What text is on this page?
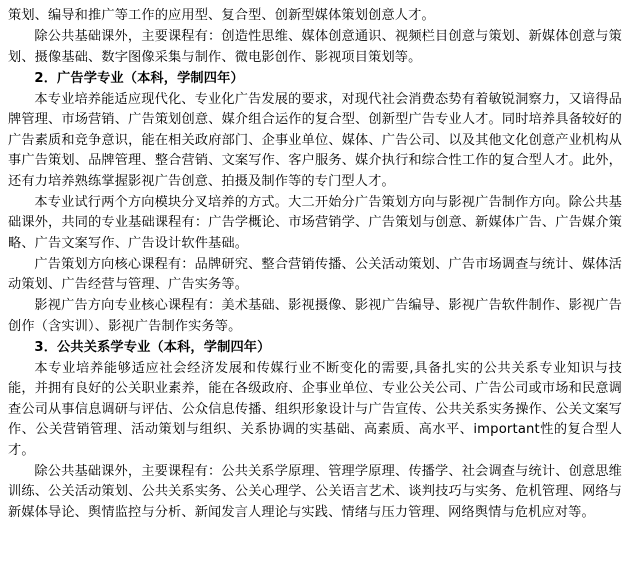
策划、编导和推广等工作的应用型、复合型、创新型媒体策划创意人才。

除公共基础课外，主要课程有：创造性思维、媒体创意通识、视频栏目创意与策划、新媒体创意与策划、摄像基础、数字图像采集与制作、微电影创作、影视项目策划等。

2．广告学专业（本科，学制四年）

本专业培养能适应现代化、专业化广告发展的要求，对现代社会消费态势有着敏锐洞察力，又谙得品牌管理、市场营销、广告策划创意、媒介组合运作的复合型、创新型广告专业人才。同时培养具备较好的广告素质和竞争意识，能在相关政府部门、企事业单位、媒体、广告公司、以及其他文化创意产业机构从事广告策划、品牌管理、整合营销、文案写作、客户服务、媒介执行和综合性工作的复合型人才。此外，还有力培养熟练掌握影视广告创意、拍摄及制作等的专门型人才。

本专业试行两个方向模块分叉培养的方式。大二开始分广告策划方向与影视广告制作方向。除公共基础课外，共同的专业基础课程有：广告学概论、市场营销学、广告策划与创意、新媒体广告、广告媒介策略、广告文案写作、广告设计软件基础。

广告策划方向核心课程有：品牌研究、整合营销传播、公关活动策划、广告市场调查与统计、媒体活动策划、广告经营与管理、广告实务等。

影视广告方向专业核心课程有：美术基础、影视摄像、影视广告编导、影视广告软件制作、影视广告创作（含实训）、影视广告制作实务等。

3．公共关系学专业（本科，学制四年）

本专业培养能够适应社会经济发展和传媒行业不断变化的需要,具备扎实的公共关系专业知识与技能，并拥有良好的公关职业素养，能在各级政府、企事业单位、专业公关公司、广告公司或市场和民意调查公司从事信息调研与评估、公众信息传播、组织形象设计与广告宣传、公共关系实务操作、公关文案写作、公关营销管理、活动策划与组织、关系协调的实基础、高素质、高水平、important性的复合型人才。

除公共基础课外，主要课程有：公共关系学原理、管理学原理、传播学、社会调查与统计、创意思维训练、公关活动策划、公共关系实务、公关心理学、公关语言艺术、谈判技巧与实务、危机管理、网络与新媒体导论、舆情监控与分析、新闻发言人理论与实践、情绪与压力管理、网络舆情与危机应对等。
